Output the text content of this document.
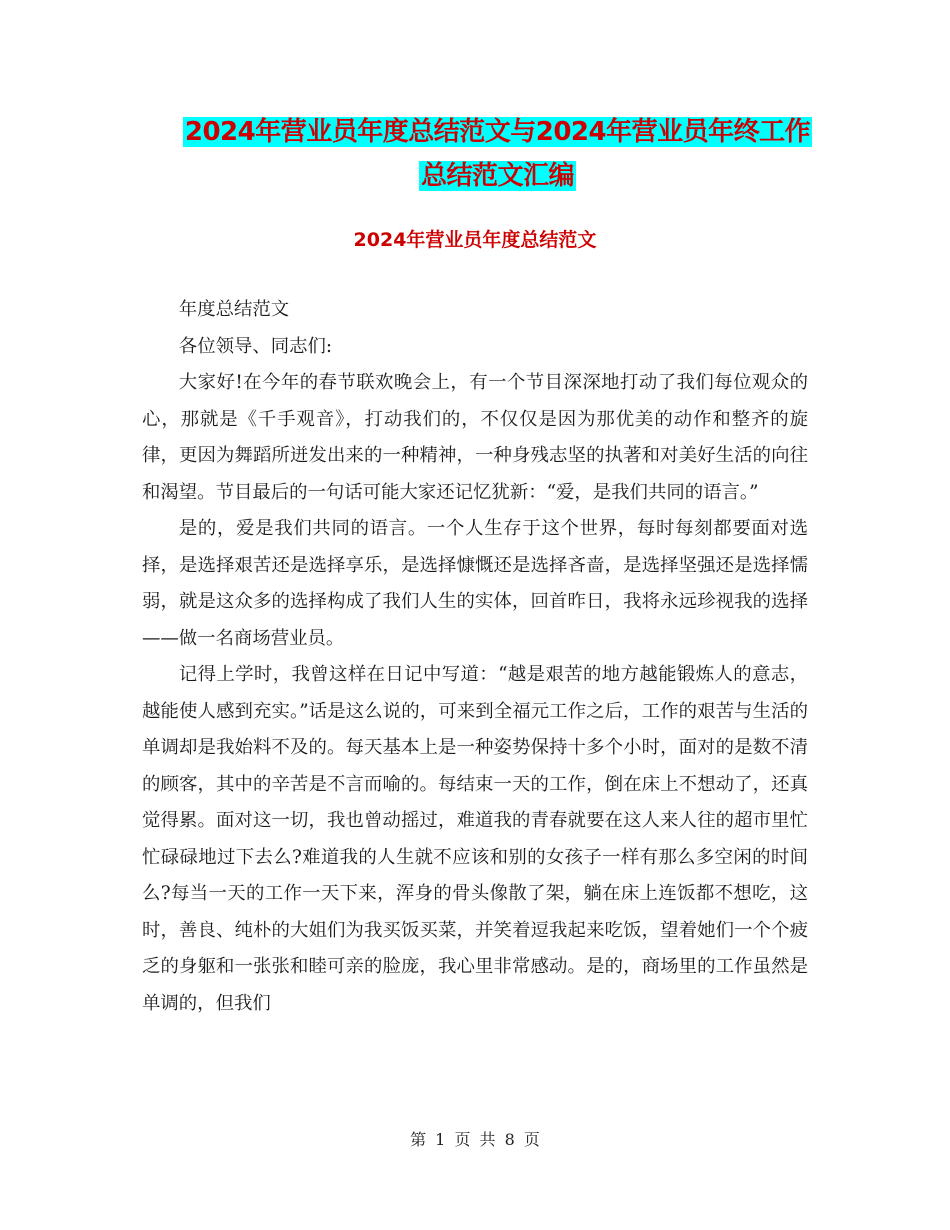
2024年营业员年度总结范文与2024年营业员年终工作
总结范文汇编
2024年营业员年度总结范文

年度总结范文

各位领导、同志们:

大家好!在今年的春节联欢晚会上，有一个节目深深地打动了我们每位观众的心，那就是《千手观音》，打动我们的，不仅仅是因为那优美的动作和整齐的旋律，更因为舞蹈所迸发出来的一种精神，一种身残志坚的执著和对美好生活的向往和渴望。节目最后的一句话可能大家还记忆犹新：“爱，是我们共同的语言。”

是的，爱是我们共同的语言。一个人生存于这个世界，每时每刻都要面对选择，是选择艰苦还是选择享乐，是选择慷慨还是选择吝啬，是选择坚强还是选择懦弱，就是这众多的选择构成了我们人生的实体，回首昨日，我将永远珍视我的选择——做一名商场营业员。

记得上学时，我曾这样在日记中写道：“越是艰苦的地方越能锻炼人的意志，越能使人感到充实。”话是这么说的，可来到全福元工作之后，工作的艰苦与生活的单调却是我始料不及的。每天基本上是一种姿势保持十多个小时，面对的是数不清的顾客，其中的辛苦是不言而喻的。每结束一天的工作，倒在床上不想动了，还真觉得累。面对这一切，我也曾动摇过，难道我的青春就要在这人来人往的超市里忙忙碌碌地过下去么?难道我的人生就不应该和别的女孩子一样有那么多空闲的时间么?每当一天的工作一天下来，浑身的骨头像散了架，躺在床上连饭都不想吃，这时，善良、纯朴的大姐们为我买饭买菜，并笑着逗我起来吃饭，望着她们一个个疲乏的身躯和一张张和睦可亲的脸庞，我心里非常感动。是的，商场里的工作虽然是单调的，但我们

第 1 页 共 8 页
